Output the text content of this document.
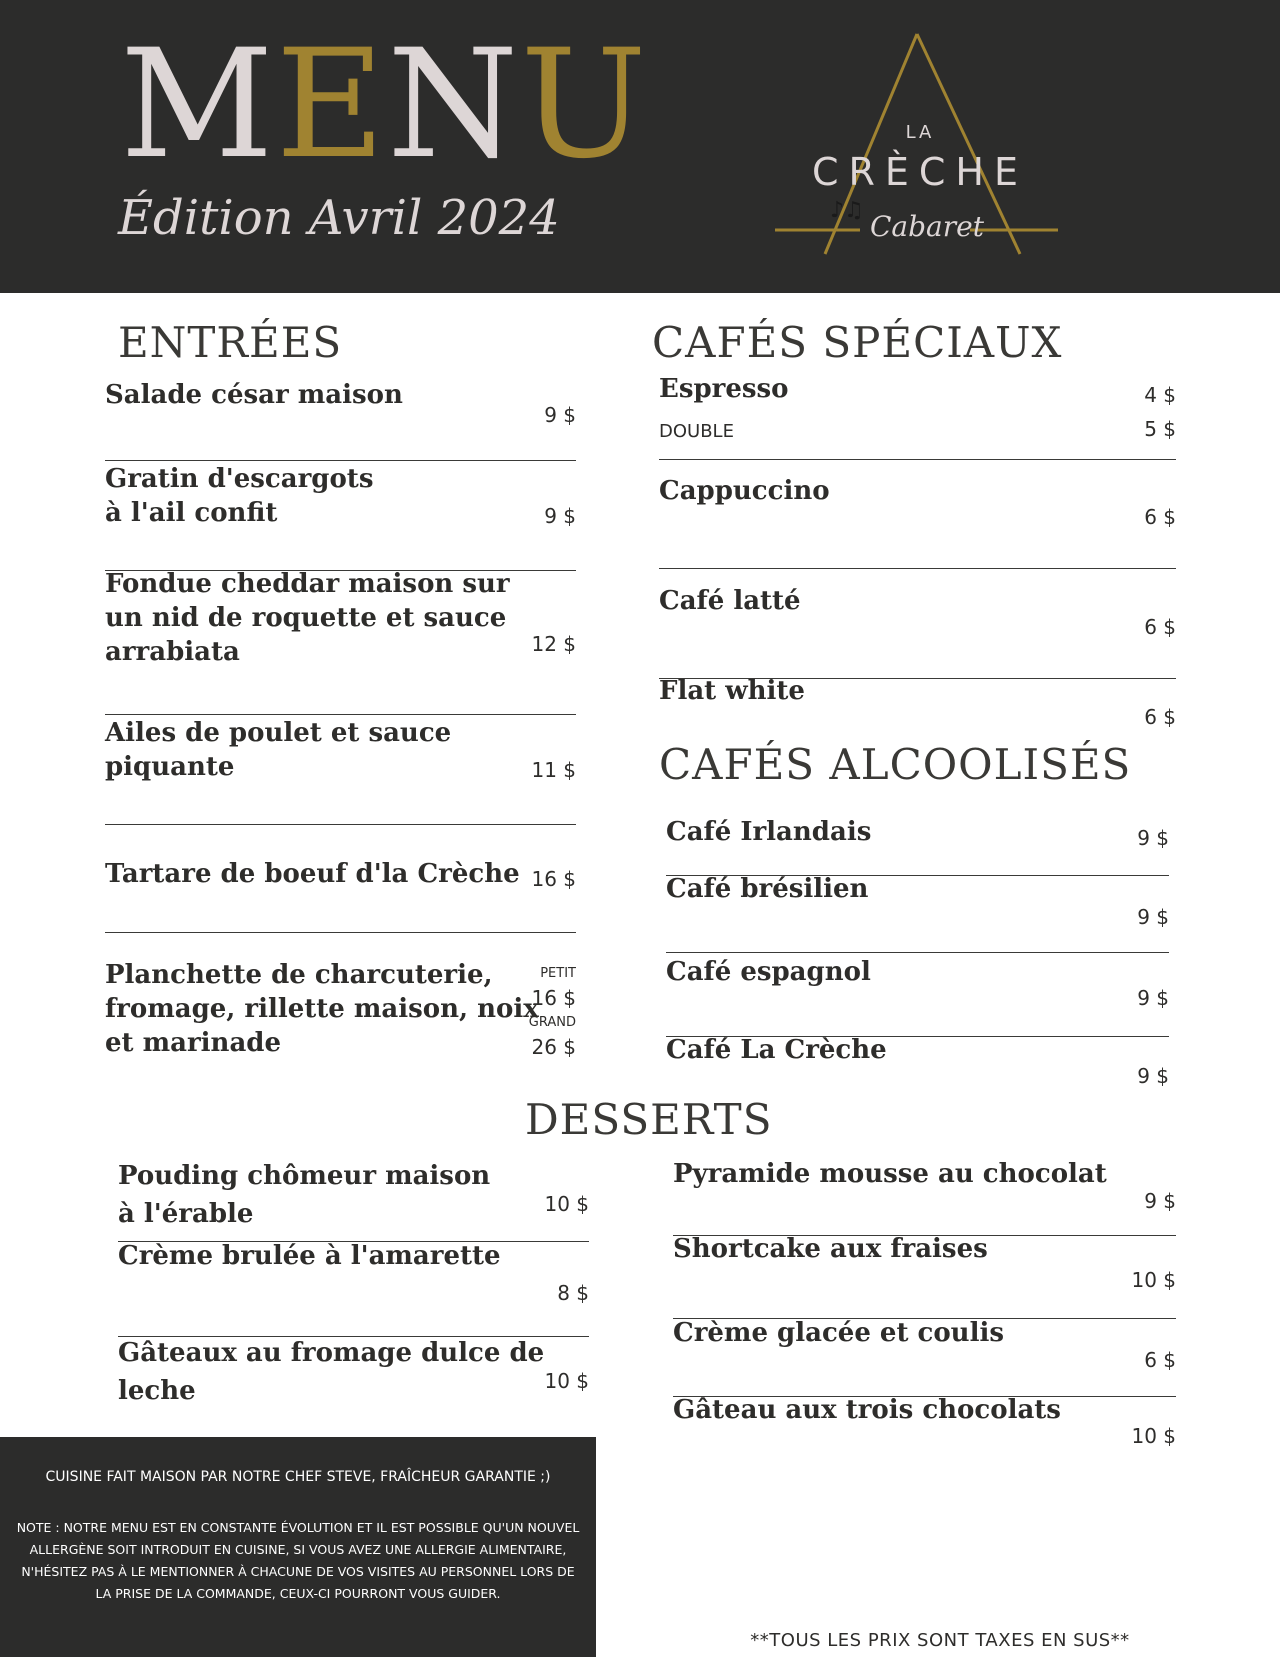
MENU
Édition Avril 2024
LA
CRÈCHE
♪♫ Cabaret
ENTRÉES
Salade césar maison
9 $
Gratin d'escargots
à l'ail confit	9 $
Fondue cheddar maison sur
un nid de roquette et sauce
arrabiata	12 $
Ailes de poulet et sauce
piquante	11 $
Tartare de boeuf d'la Crèche 16 $
Planchette de charcuterie,
fromage, rillette maison, noix
et marinade
PETIT
16 $
GRAND
26 $
CAFÉS SPÉCIAUX
Espresso	4 $
DOUBLE	5 $
Cappuccino
6 $
Café latté
6 $
Flat white
6 $
CAFÉS ALCOOLISÉS
Café Irlandais	9 $
Café brésilien
9 $
Café espagnol
9 $
Café La Crèche
9 $
DESSERTS
Pouding chômeur maison
à l'érable	10 $
Crème brulée à l'amarette
8 $
Gâteaux au fromage dulce de
leche	10 $
Pyramide mousse au chocolat
9 $
Shortcake aux fraises
10 $
Crème glacée et coulis
6 $
Gâteau aux trois chocolats
10 $
CUISINE FAIT MAISON PAR NOTRE CHEF STEVE, FRAÎCHEUR GARANTIE ;)
NOTE : NOTRE MENU EST EN CONSTANTE ÉVOLUTION ET IL EST POSSIBLE QU'UN NOUVEL ALLERGÈNE SOIT INTRODUIT EN CUISINE, SI VOUS AVEZ UNE ALLERGIE ALIMENTAIRE, N'HÉSITEZ PAS À LE MENTIONNER À CHACUNE DE VOS VISITES AU PERSONNEL LORS DE LA PRISE DE LA COMMANDE, CEUX-CI POURRONT VOUS GUIDER.
**TOUS LES PRIX SONT TAXES EN SUS**
